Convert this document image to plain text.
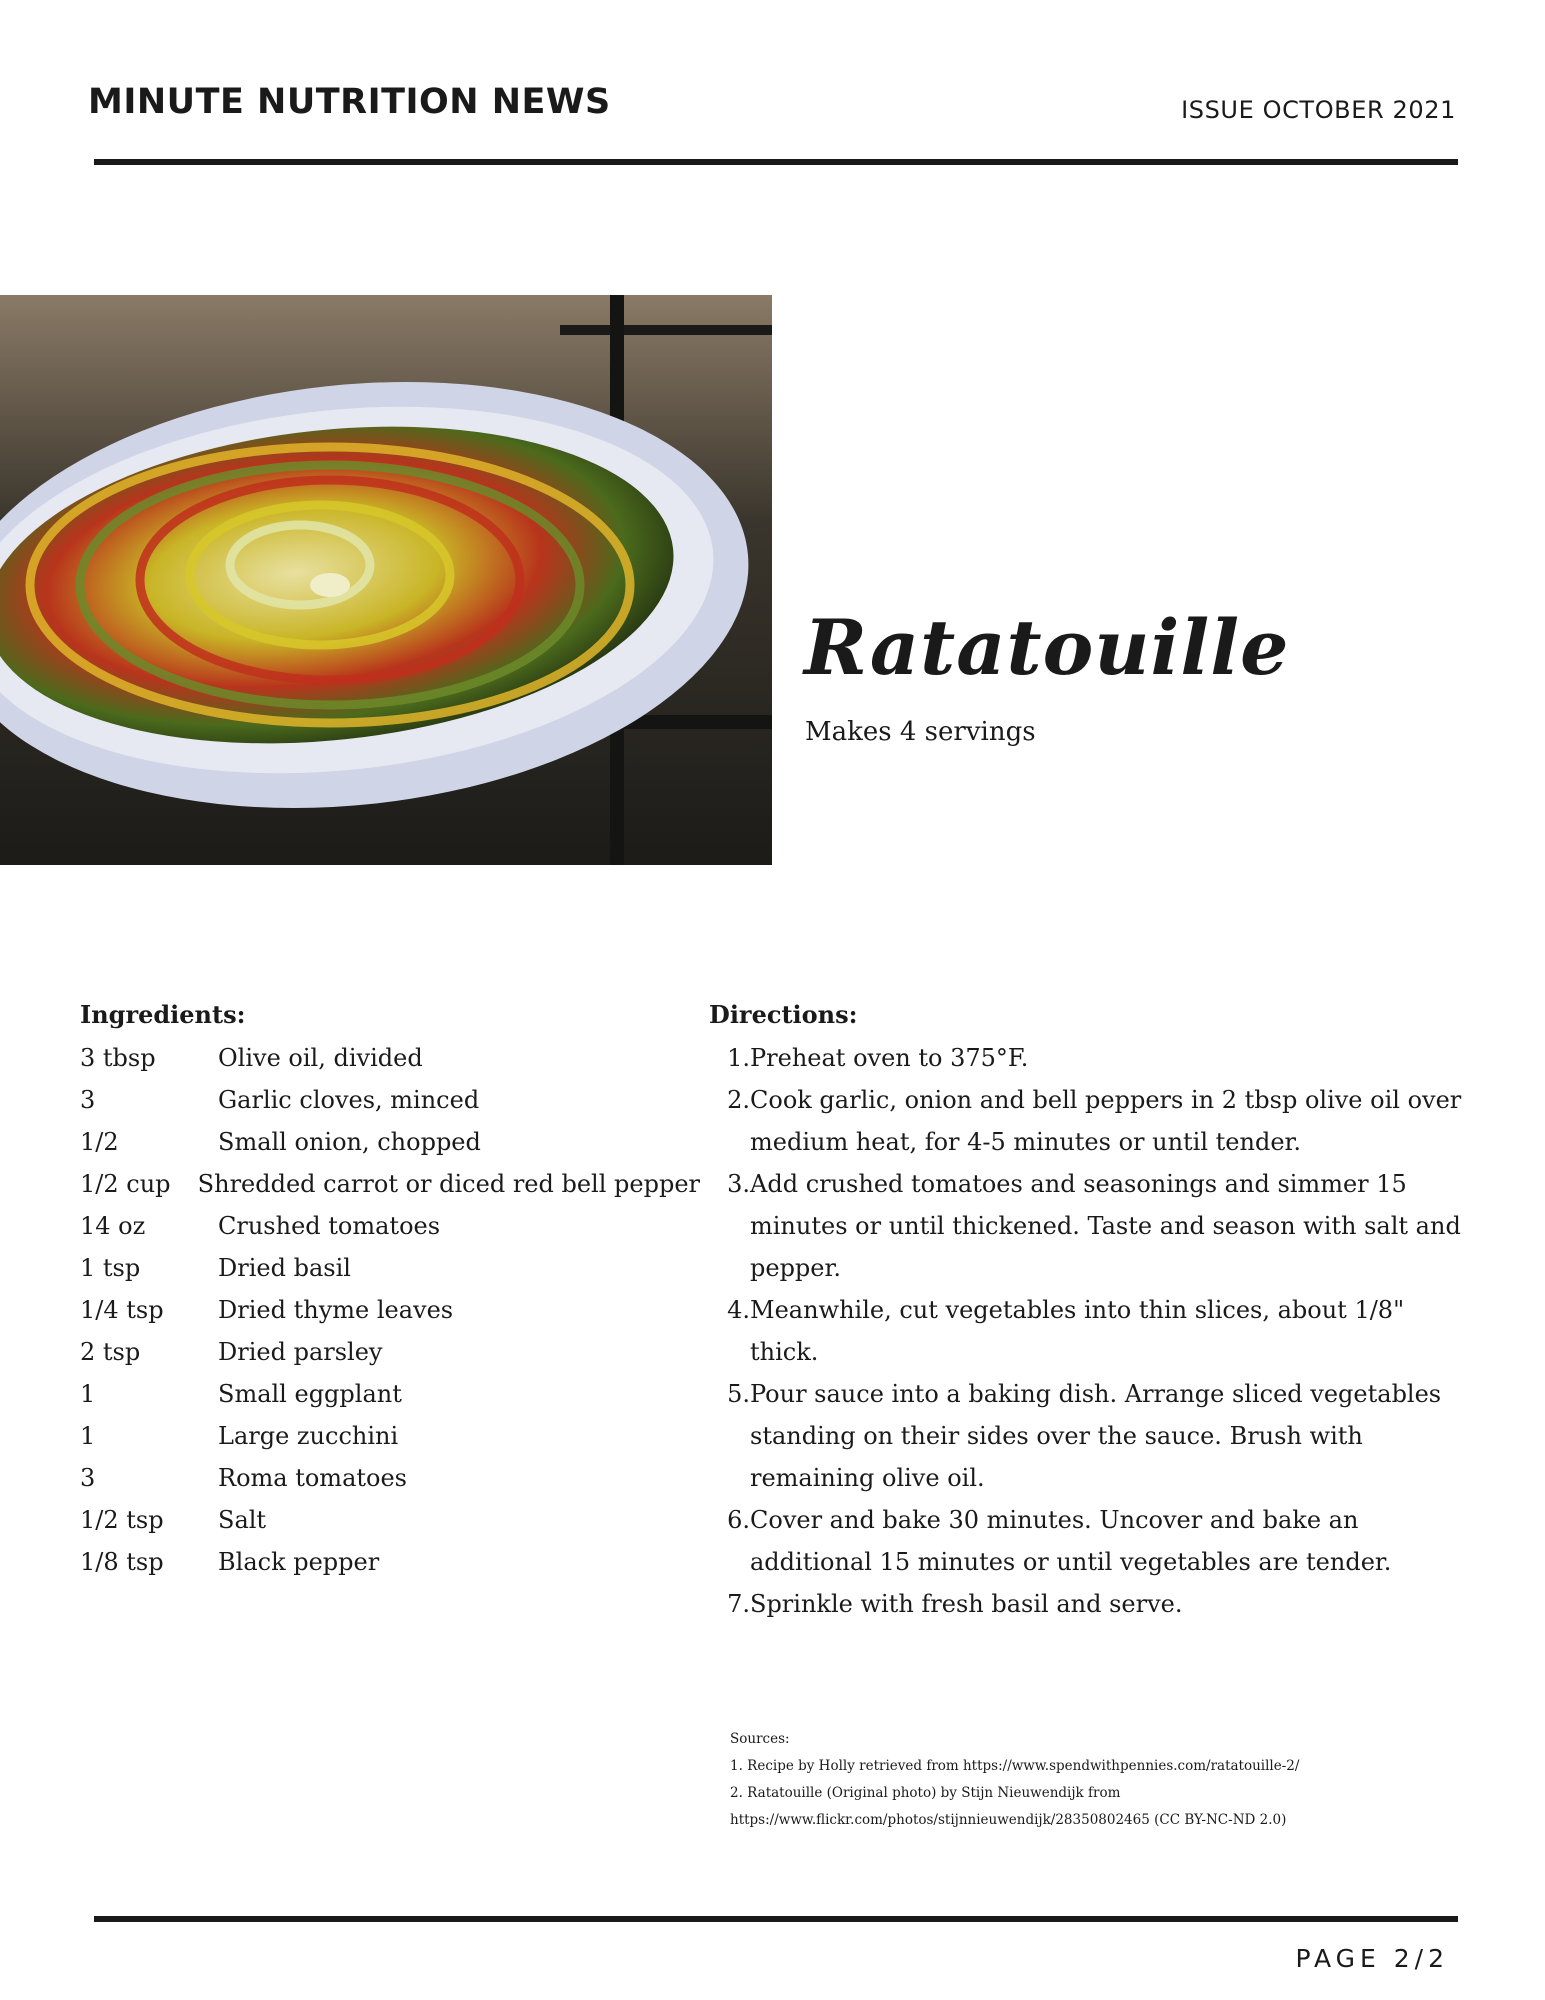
MINUTE NUTRITION NEWS	ISSUE OCTOBER 2021
Ratatouille
Makes 4 servings
Ingredients:
3 tbsp	Olive oil, divided
3	Garlic cloves, minced
1/2	Small onion, chopped
1/2 cup	Shredded carrot or diced red bell pepper
14 oz	Crushed tomatoes
1 tsp	Dried basil
1/4 tsp	Dried thyme leaves
2 tsp	Dried parsley
1	Small eggplant
1	Large zucchini
3	Roma tomatoes
1/2 tsp	Salt
1/8 tsp	Black pepper
Directions:
1. Preheat oven to 375°F.
2. Cook garlic, onion and bell peppers in 2 tbsp olive oil over medium heat, for 4-5 minutes or until tender.
3. Add crushed tomatoes and seasonings and simmer 15 minutes or until thickened. Taste and season with salt and pepper.
4. Meanwhile, cut vegetables into thin slices, about 1/8" thick.
5. Pour sauce into a baking dish. Arrange sliced vegetables standing on their sides over the sauce. Brush with remaining olive oil.
6. Cover and bake 30 minutes. Uncover and bake an additional 15 minutes or until vegetables are tender.
7. Sprinkle with fresh basil and serve.
Sources:
1. Recipe by Holly retrieved from https://www.spendwithpennies.com/ratatouille-2/
2. Ratatouille (Original photo) by Stijn Nieuwendijk from
https://www.flickr.com/photos/stijnnieuwendijk/28350802465 (CC BY-NC-ND 2.0)
PAGE 2/2
